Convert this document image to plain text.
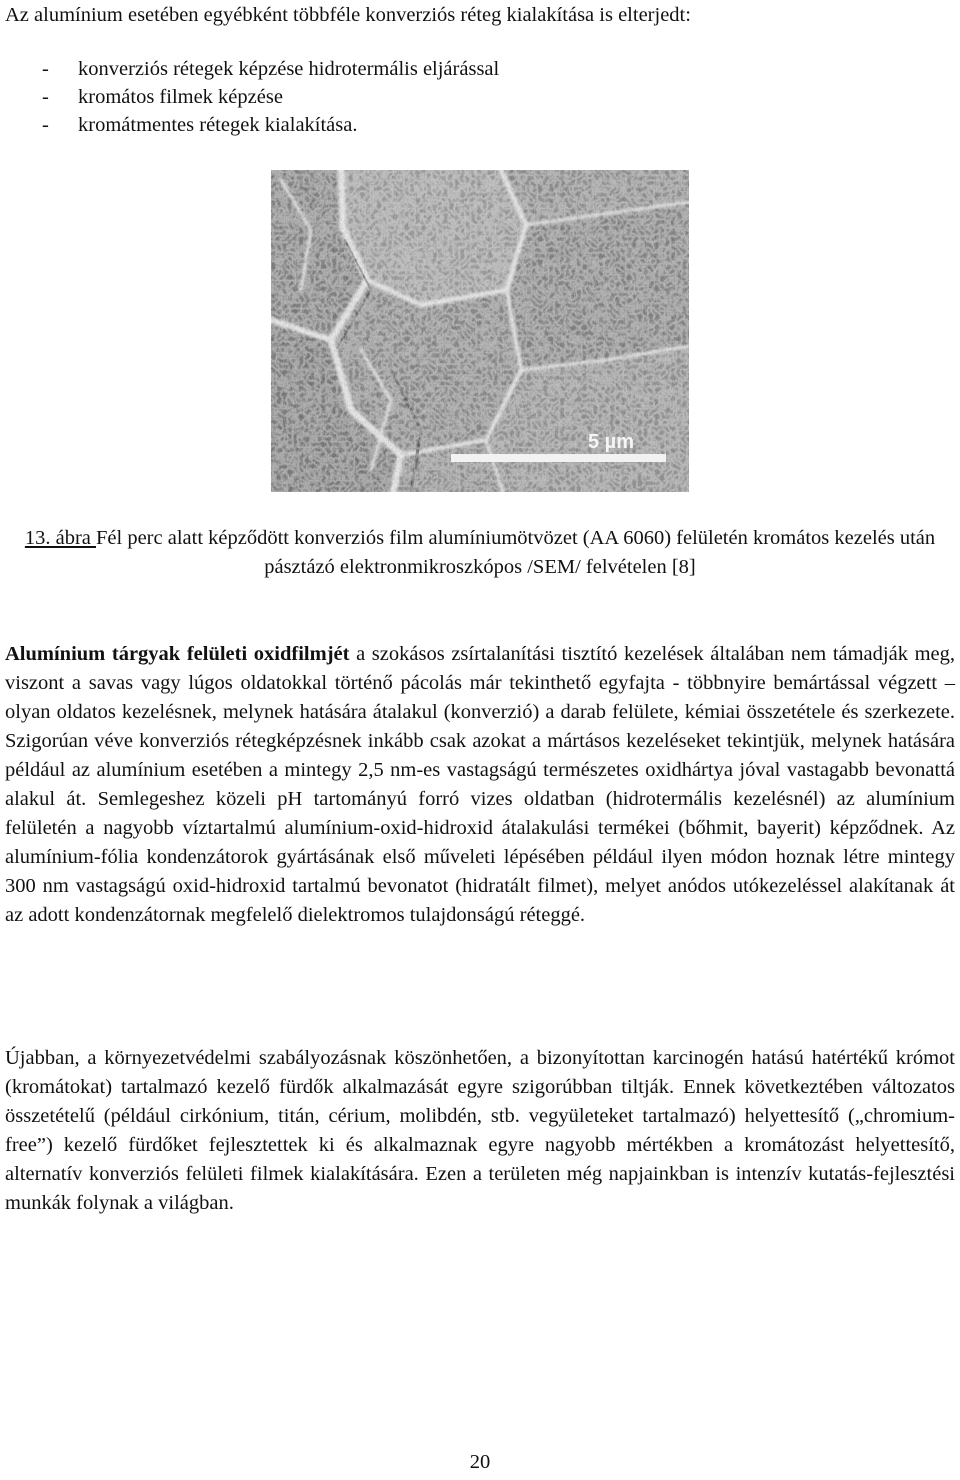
Az alumínium esetében egyébként többféle konverziós réteg kialakítása is elterjedt:

- konverziós rétegek képzése hidrotermális eljárással
- kromátos filmek képzése
- kromátmentes rétegek kialakítása.
5 µm

13. ábra Fél perc alatt képződött konverziós film alumíniumötvözet (AA 6060) felületén kromátos kezelés után pásztázó elektronmikroszkópos /SEM/ felvételen [8]

Alumínium tárgyak felületi oxidfilmjét a szokásos zsírtalanítási tisztító kezelések általában nem támadják meg, viszont a savas vagy lúgos oldatokkal történő pácolás már tekinthető egyfajta - többnyire bemártással végzett – olyan oldatos kezelésnek, melynek hatására átalakul (konverzió) a darab felülete, kémiai összetétele és szerkezete. Szigorúan véve konverziós rétegképzésnek inkább csak azokat a mártásos kezeléseket tekintjük, melynek hatására például az alumínium esetében a mintegy 2,5 nm-es vastagságú természetes oxidhártya jóval vastagabb bevonattá alakul át. Semlegeshez közeli pH tartományú forró vizes oldatban (hidrotermális kezelésnél) az alumínium felületén a nagyobb víztartalmú alumínium-oxid-hidroxid átalakulási termékei (bőhmit, bayerit) képződnek. Az alumínium-fólia kondenzátorok gyártásának első műveleti lépésében például ilyen módon hoznak létre mintegy 300 nm vastagságú oxid-hidroxid tartalmú bevonatot (hidratált filmet), melyet anódos utókezeléssel alakítanak át az adott kondenzátornak megfelelő dielektromos tulajdonságú réteggé.

Újabban, a környezetvédelmi szabályozásnak köszönhetően, a bizonyítottan karcinogén hatású hatértékű krómot (kromátokat) tartalmazó kezelő fürdők alkalmazását egyre szigorúbban tiltják. Ennek következtében változatos összetételű (például cirkónium, titán, cérium, molibdén, stb. vegyületeket tartalmazó) helyettesítő („chromium-free”) kezelő fürdőket fejlesztettek ki és alkalmaznak egyre nagyobb mértékben a kromátozást helyettesítő, alternatív konverziós felületi filmek kialakítására. Ezen a területen még napjainkban is intenzív kutatás-fejlesztési munkák folynak a világban.

20
